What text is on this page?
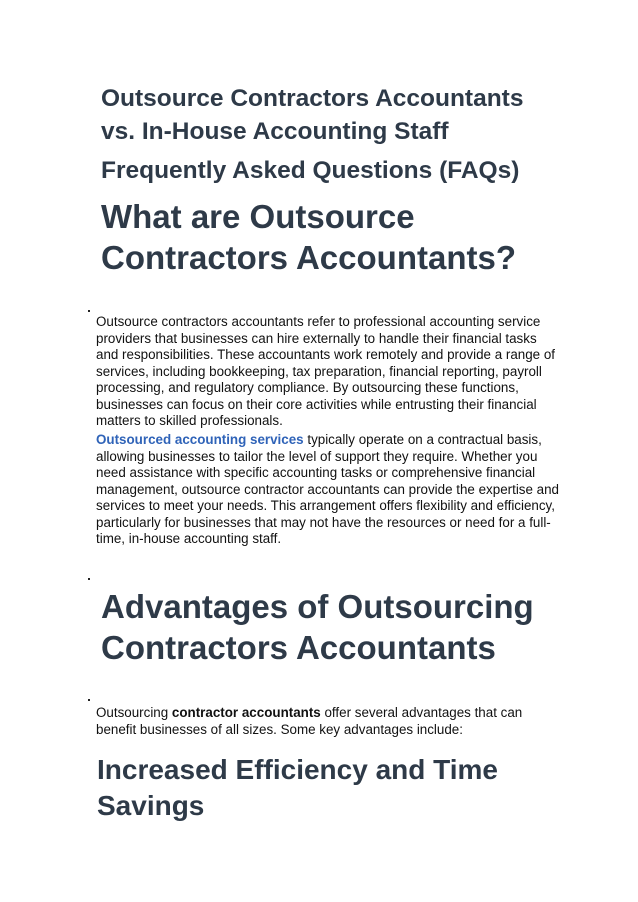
Outsource Contractors Accountants
vs. In-House Accounting Staff
Frequently Asked Questions (FAQs)
What are Outsource
Contractors Accountants?

Outsource contractors accountants refer to professional accounting service
providers that businesses can hire externally to handle their financial tasks
and responsibilities. These accountants work remotely and provide a range of
services, including bookkeeping, tax preparation, financial reporting, payroll
processing, and regulatory compliance. By outsourcing these functions,
businesses can focus on their core activities while entrusting their financial
matters to skilled professionals.

Outsourced accounting services typically operate on a contractual basis,
allowing businesses to tailor the level of support they require. Whether you
need assistance with specific accounting tasks or comprehensive financial
management, outsource contractor accountants can provide the expertise and
services to meet your needs. This arrangement offers flexibility and efficiency,
particularly for businesses that may not have the resources or need for a full-
time, in-house accounting staff.

Advantages of Outsourcing
Contractors Accountants

Outsourcing contractor accountants offer several advantages that can
benefit businesses of all sizes. Some key advantages include:

Increased Efficiency and Time
Savings
